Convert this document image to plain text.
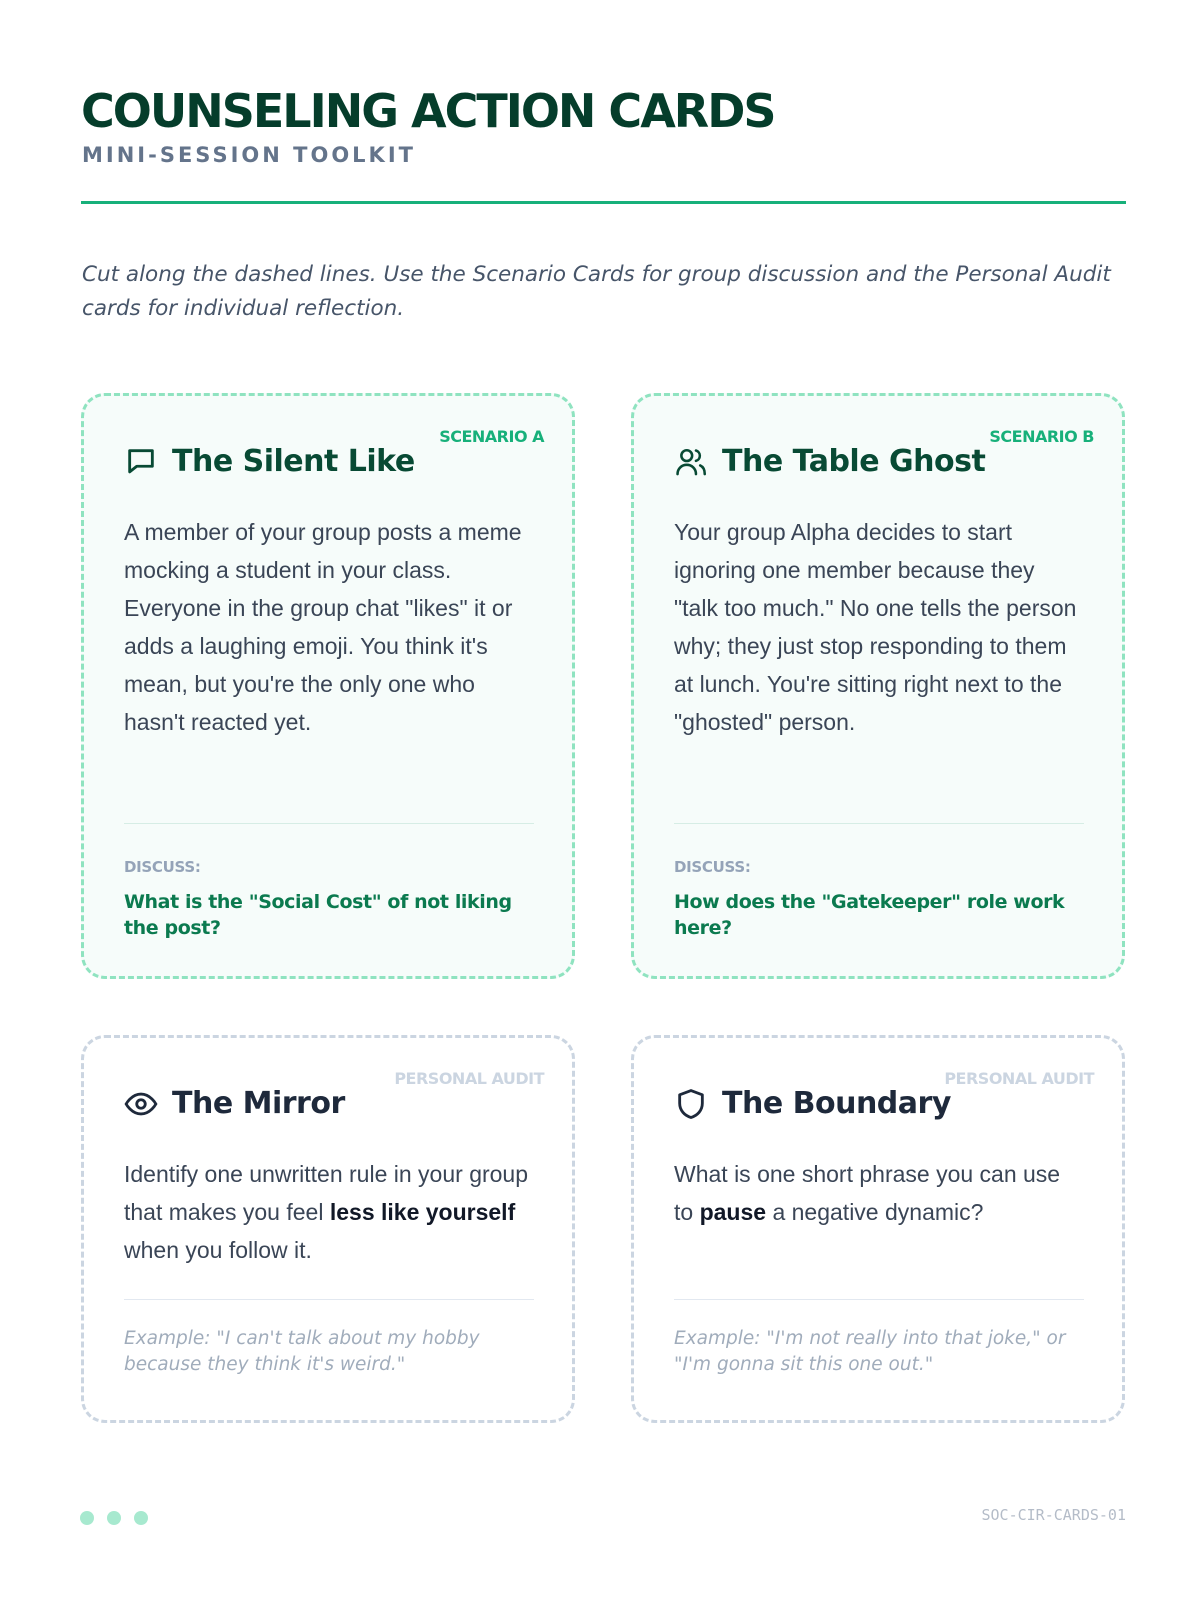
COUNSELING ACTION CARDS
MINI-SESSION TOOLKIT

Cut along the dashed lines. Use the Scenario Cards for group discussion and the Personal Audit cards for individual reflection.

SCENARIO A
The Silent Like

A member of your group posts a meme mocking a student in your class. Everyone in the group chat "likes" it or adds a laughing emoji. You think it's mean, but you're the only one who hasn't reacted yet.

DISCUSS:
What is the "Social Cost" of not liking the post?
SCENARIO B
The Table Ghost

Your group Alpha decides to start ignoring one member because they "talk too much." No one tells the person why; they just stop responding to them at lunch. You're sitting right next to the "ghosted" person.

DISCUSS:
How does the "Gatekeeper" role work here?
PERSONAL AUDIT
The Mirror

Identify one unwritten rule in your group that makes you feel less like yourself when you follow it.

Example: "I can't talk about my hobby because they think it's weird."
PERSONAL AUDIT
The Boundary

What is one short phrase you can use to pause a negative dynamic?

Example: "I'm not really into that joke," or "I'm gonna sit this one out."
SOC-CIR-CARDS-01
